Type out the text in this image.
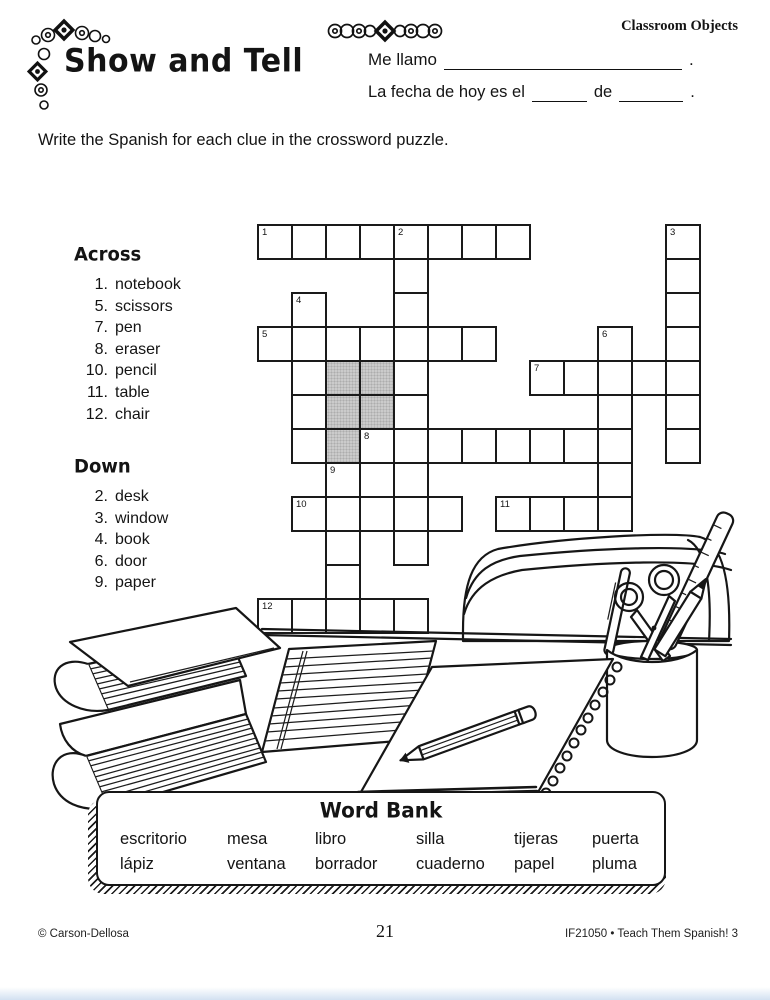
Show and Tell
Classroom Objects
Me llamo	.
La fecha de hoy es el	de	.
Write the Spanish for each clue in the crossword puzzle.
Across
1. notebook
5. scissors
7. pen
8. eraser
10. pencil
11. table
12. chair
Down
2. desk
3. window
4. book
6. door
9. paper
1	2	3
4
5	6
7
8
9
10	11
12
Word Bank
escritorio	mesa	libro	silla	tijeras	puerta
lápiz	ventana	borrador	cuaderno	papel	pluma
© Carson-Dellosa	21	IF21050 • Teach Them Spanish! 3
